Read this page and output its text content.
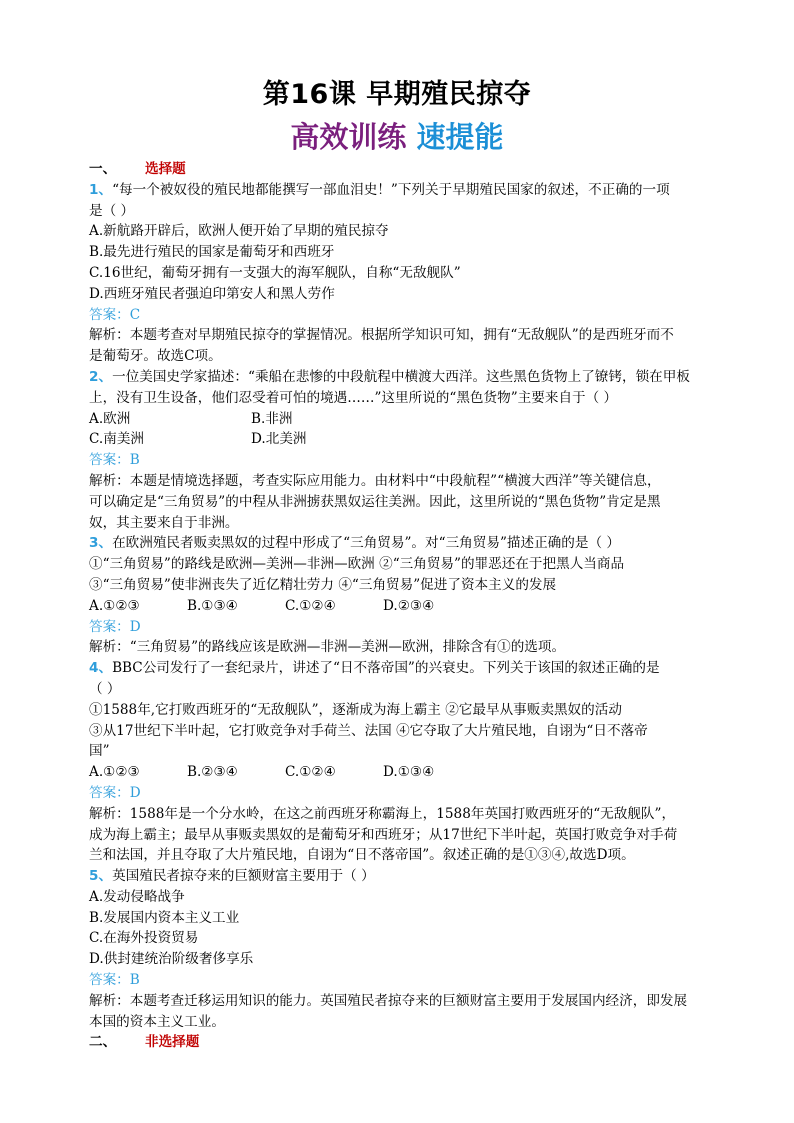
第16课 早期殖民掠夺
高效训练 速提能
一、 选择题
1、“每一个被奴役的殖民地都能撰写一部血泪史！”下列关于早期殖民国家的叙述，不正确的一项
是（ ）
A.新航路开辟后，欧洲人便开始了早期的殖民掠夺
B.最先进行殖民的国家是葡萄牙和西班牙
C.16世纪，葡萄牙拥有一支强大的海军舰队，自称“无敌舰队”
D.西班牙殖民者强迫印第安人和黑人劳作
答案：C
解析：本题考查对早期殖民掠夺的掌握情况。根据所学知识可知，拥有“无敌舰队”的是西班牙而不
是葡萄牙。故选C项。
2、一位美国史学家描述：“乘船在悲惨的中段航程中横渡大西洋。这些黑色货物上了镣铐，锁在甲板
上，没有卫生设备，他们忍受着可怕的境遇……”这里所说的“黑色货物”主要来自于（ ）
A.欧洲	B.非洲
C.南美洲	D.北美洲
答案：B
解析：本题是情境选择题，考查实际应用能力。由材料中“中段航程”“横渡大西洋”等关键信息，
可以确定是“三角贸易”的中程从非洲掳获黑奴运往美洲。因此，这里所说的“黑色货物”肯定是黑
奴，其主要来自于非洲。
3、在欧洲殖民者贩卖黑奴的过程中形成了“三角贸易”。对“三角贸易”描述正确的是（ ）
①“三角贸易”的路线是欧洲—美洲—非洲—欧洲 ②“三角贸易”的罪恶还在于把黑人当商品
③“三角贸易”使非洲丧失了近亿精壮劳力 ④“三角贸易”促进了资本主义的发展
A.①②③	B.①③④	C.①②④	D.②③④
答案：D
解析：“三角贸易”的路线应该是欧洲—非洲—美洲—欧洲，排除含有①的选项。
4、BBC公司发行了一套纪录片，讲述了“日不落帝国”的兴衰史。下列关于该国的叙述正确的是
（ ）
①1588年,它打败西班牙的“无敌舰队”，逐渐成为海上霸主 ②它最早从事贩卖黑奴的活动
③从17世纪下半叶起，它打败竞争对手荷兰、法国 ④它夺取了大片殖民地，自诩为“日不落帝
国”
A.①②③	B.②③④	C.①②④	D.①③④
答案：D
解析：1588年是一个分水岭，在这之前西班牙称霸海上，1588年英国打败西班牙的“无敌舰队”，
成为海上霸主；最早从事贩卖黑奴的是葡萄牙和西班牙；从17世纪下半叶起，英国打败竞争对手荷
兰和法国，并且夺取了大片殖民地，自诩为“日不落帝国”。叙述正确的是①③④,故选D项。
5、英国殖民者掠夺来的巨额财富主要用于（ ）
A.发动侵略战争
B.发展国内资本主义工业
C.在海外投资贸易
D.供封建统治阶级奢侈享乐
答案：B
解析：本题考查迁移运用知识的能力。英国殖民者掠夺来的巨额财富主要用于发展国内经济，即发展
本国的资本主义工业。
二、 非选择题
